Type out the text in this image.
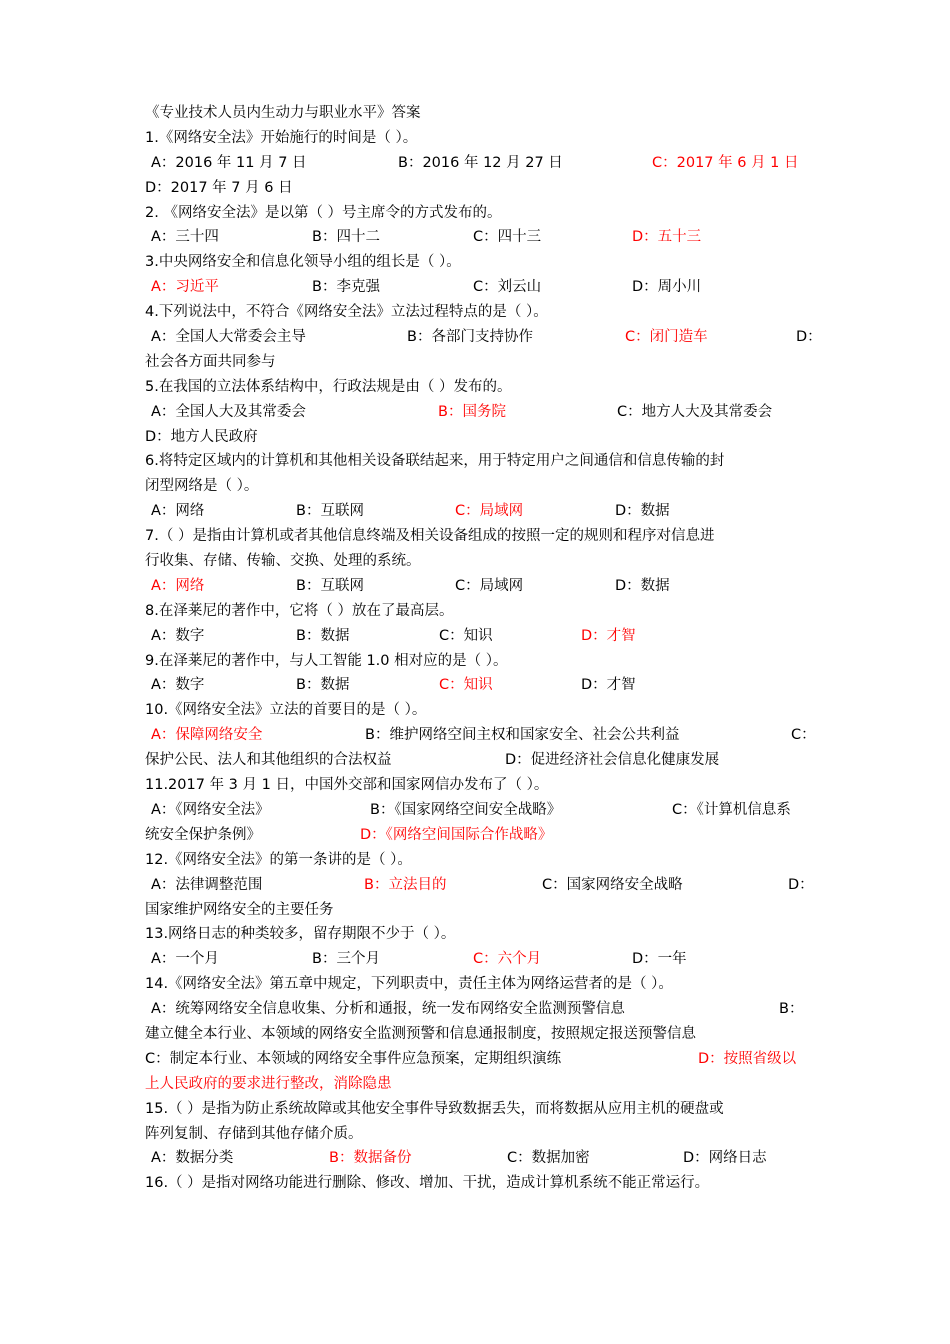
《专业技术人员内生动力与职业水平》答案
1.《网络安全法》开始施行的时间是（ ）。
A：2016 年 11 月 7 日	B：2016 年 12 月 27 日	C：2017 年 6 月 1 日
D：2017 年 7 月 6 日
2. 《网络安全法》是以第（ ）号主席令的方式发布的。
A：三十四	B：四十二	C：四十三	D：五十三
3.中央网络安全和信息化领导小组的组长是（ ）。
A：习近平	B：李克强	C：刘云山	D：周小川
4.下列说法中，不符合《网络安全法》立法过程特点的是（ ）。
A：全国人大常委会主导	B：各部门支持协作	C：闭门造车	D：
社会各方面共同参与
5.在我国的立法体系结构中，行政法规是由（ ）发布的。
A：全国人大及其常委会	B：国务院	C：地方人大及其常委会
D：地方人民政府
6.将特定区域内的计算机和其他相关设备联结起来，用于特定用户之间通信和信息传输的封
闭型网络是（ ）。
A：网络	B：互联网	C：局域网	D：数据
7.（ ）是指由计算机或者其他信息终端及相关设备组成的按照一定的规则和程序对信息进
行收集、存储、传输、交换、处理的系统。
A：网络	B：互联网	C：局域网	D：数据
8.在泽莱尼的著作中，它将（ ）放在了最高层。
A：数字	B：数据	C：知识	D：才智
9.在泽莱尼的著作中，与人工智能 1.0 相对应的是（ ）。
A：数字	B：数据	C：知识	D：才智
10.《网络安全法》立法的首要目的是（ ）。
A：保障网络安全	B：维护网络空间主权和国家安全、社会公共利益	C：
保护公民、法人和其他组织的合法权益	D：促进经济社会信息化健康发展
11.2017 年 3 月 1 日，中国外交部和国家网信办发布了（ ）。
A：《网络安全法》	B：《国家网络空间安全战略》	C：《计算机信息系
统安全保护条例》	D：《网络空间国际合作战略》
12.《网络安全法》的第一条讲的是（ ）。
A：法律调整范围	B：立法目的	C：国家网络安全战略	D：
国家维护网络安全的主要任务
13.网络日志的种类较多，留存期限不少于（ ）。
A：一个月	B：三个月	C：六个月	D：一年
14.《网络安全法》第五章中规定，下列职责中，责任主体为网络运营者的是（ ）。
A：统筹网络安全信息收集、分析和通报，统一发布网络安全监测预警信息	B：
建立健全本行业、本领域的网络安全监测预警和信息通报制度，按照规定报送预警信息
C：制定本行业、本领域的网络安全事件应急预案，定期组织演练	D：按照省级以
上人民政府的要求进行整改，消除隐患
15.（ ）是指为防止系统故障或其他安全事件导致数据丢失，而将数据从应用主机的硬盘或
阵列复制、存储到其他存储介质。
A：数据分类	B：数据备份	C：数据加密	D：网络日志
16.（ ）是指对网络功能进行删除、修改、增加、干扰，造成计算机系统不能正常运行。
